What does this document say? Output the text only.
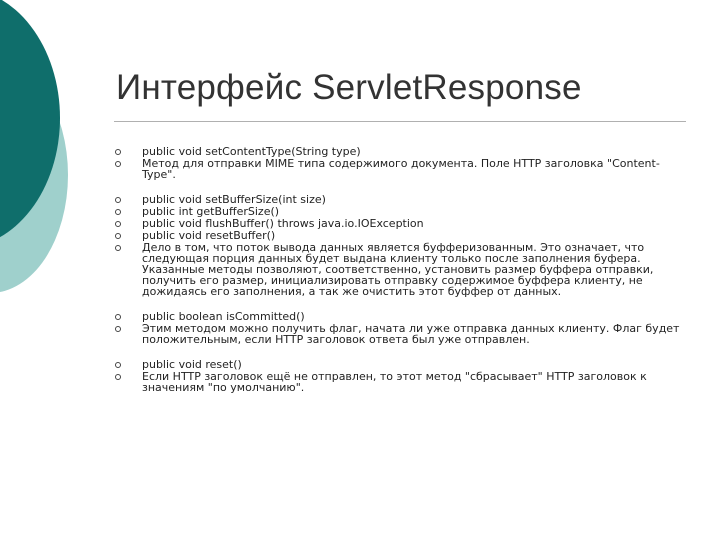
Интерфейс ServletResponse
public void setContentType(String type)
Метод для отправки MIME типа содержимого документа. Поле HTTP заголовка "Content-Type".
public void setBufferSize(int size)
public int getBufferSize()
public void flushBuffer() throws java.io.IOException
public void resetBuffer()
Дело в том, что поток вывода данных является буфферизованным. Это означает, что следующая порция данных будет выдана клиенту только после заполнения буфера. Указанные методы позволяют, соответственно, установить размер буффера отправки, получить его размер, инициализировать отправку содержимое буффера клиенту, не дожидаясь его заполнения, а так же очистить этот буффер от данных.
public boolean isCommitted()
Этим методом можно получить флаг, начата ли уже отправка данных клиенту. Флаг будет положительным, если HTTP заголовок ответа был уже отправлен.
public void reset()
Если HTTP заголовок ещё не отправлен, то этот метод "сбрасывает" HTTP заголовок к значениям "по умолчанию".
